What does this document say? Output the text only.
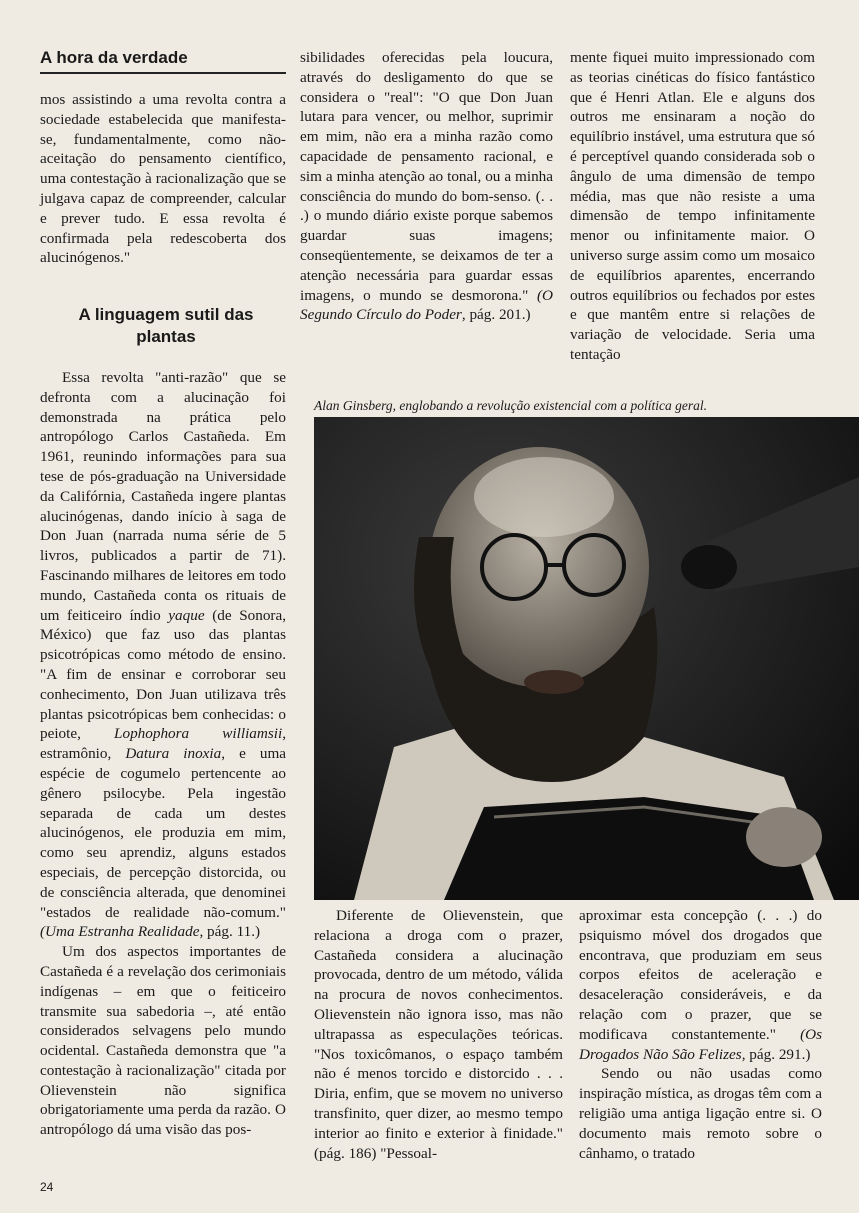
A hora da verdade

mos assistindo a uma revolta contra a sociedade estabelecida que manifesta-se, fundamentalmente, como não-aceitação do pensamento científico, uma contestação à racionalização que se julgava capaz de compreender, calcular e prever tudo. E essa revolta é confirmada pela redescoberta dos alucinógenos."

A linguagem sutil das plantas

Essa revolta "anti-razão" que se defronta com a alucinação foi demonstrada na prática pelo antropólogo Carlos Castañeda. Em 1961, reunindo informações para sua tese de pós-graduação na Universidade da Califórnia, Castañeda ingere plantas alucinógenas, dando início à saga de Don Juan (narrada numa série de 5 livros, publicados a partir de 71). Fascinando milhares de leitores em todo mundo, Castañeda conta os rituais de um feiticeiro índio yaque (de Sonora, México) que faz uso das plantas psicotrópicas como método de ensino. "A fim de ensinar e corroborar seu conhecimento, Don Juan utilizava três plantas psicotrópicas bem conhecidas: o peiote, Lophophora williamsii, estramônio, Datura inoxia, e uma espécie de cogumelo pertencente ao gênero psilocybe. Pela ingestão separada de cada um destes alucinógenos, ele produzia em mim, como seu aprendiz, alguns estados especiais, de percepção distorcida, ou de consciência alterada, que denominei "estados de realidade não-comum." (Uma Estranha Realidade, pág. 11.)

Um dos aspectos importantes de Castañeda é a revelação dos cerimoniais indígenas – em que o feiticeiro transmite sua sabedoria –, até então considerados selvagens pelo mundo ocidental. Castañeda demonstra que "a contestação à racionalização" citada por Olievenstein não significa obrigatoriamente uma perda da razão. O antropólogo dá uma visão das pos-

sibilidades oferecidas pela loucura, através do desligamento do que se considera o "real": "O que Don Juan lutara para vencer, ou melhor, suprimir em mim, não era a minha razão como capacidade de pensamento racional, e sim a minha atenção ao tonal, ou a minha consciência do mundo do bom-senso. (. . .) o mundo diário existe porque sabemos guardar suas imagens; conseqüentemente, se deixamos de ter a atenção necessária para guardar essas imagens, o mundo se desmorona." (O Segundo Círculo do Poder, pág. 201.)

mente fiquei muito impressionado com as teorias cinéticas do físico fantástico que é Henri Atlan. Ele e alguns dos outros me ensinaram a noção do equilíbrio instável, uma estrutura que só é perceptível quando considerada sob o ângulo de uma dimensão de tempo média, mas que não resiste a uma dimensão de tempo infinitamente menor ou infinitamente maior. O universo surge assim como um mosaico de equilíbrios aparentes, encerrando outros equilíbrios ou fechados por estes e que mantêm entre si relações de variação de velocidade. Seria uma tentação

Alan Ginsberg, englobando a revolução existencial com a política geral.

Diferente de Olievenstein, que relaciona a droga com o prazer, Castañeda considera a alucinação provocada, dentro de um método, válida na procura de novos conhecimentos. Olievenstein não ignora isso, mas não ultrapassa as especulações teóricas. "Nos toxicômanos, o espaço também não é menos torcido e distorcido . . . Diria, enfim, que se movem no universo transfinito, quer dizer, ao mesmo tempo interior ao finito e exterior à finidade." (pág. 186) "Pessoal-

aproximar esta concepção (. . .) do psiquismo móvel dos drogados que encontrava, que produziam em seus corpos efeitos de aceleração e desaceleração consideráveis, e da relação com o prazer, que se modificava constantemente." (Os Drogados Não São Felizes, pág. 291.)

Sendo ou não usadas como inspiração mística, as drogas têm com a religião uma antiga ligação entre si. O documento mais remoto sobre o cânhamo, o tratado

24
